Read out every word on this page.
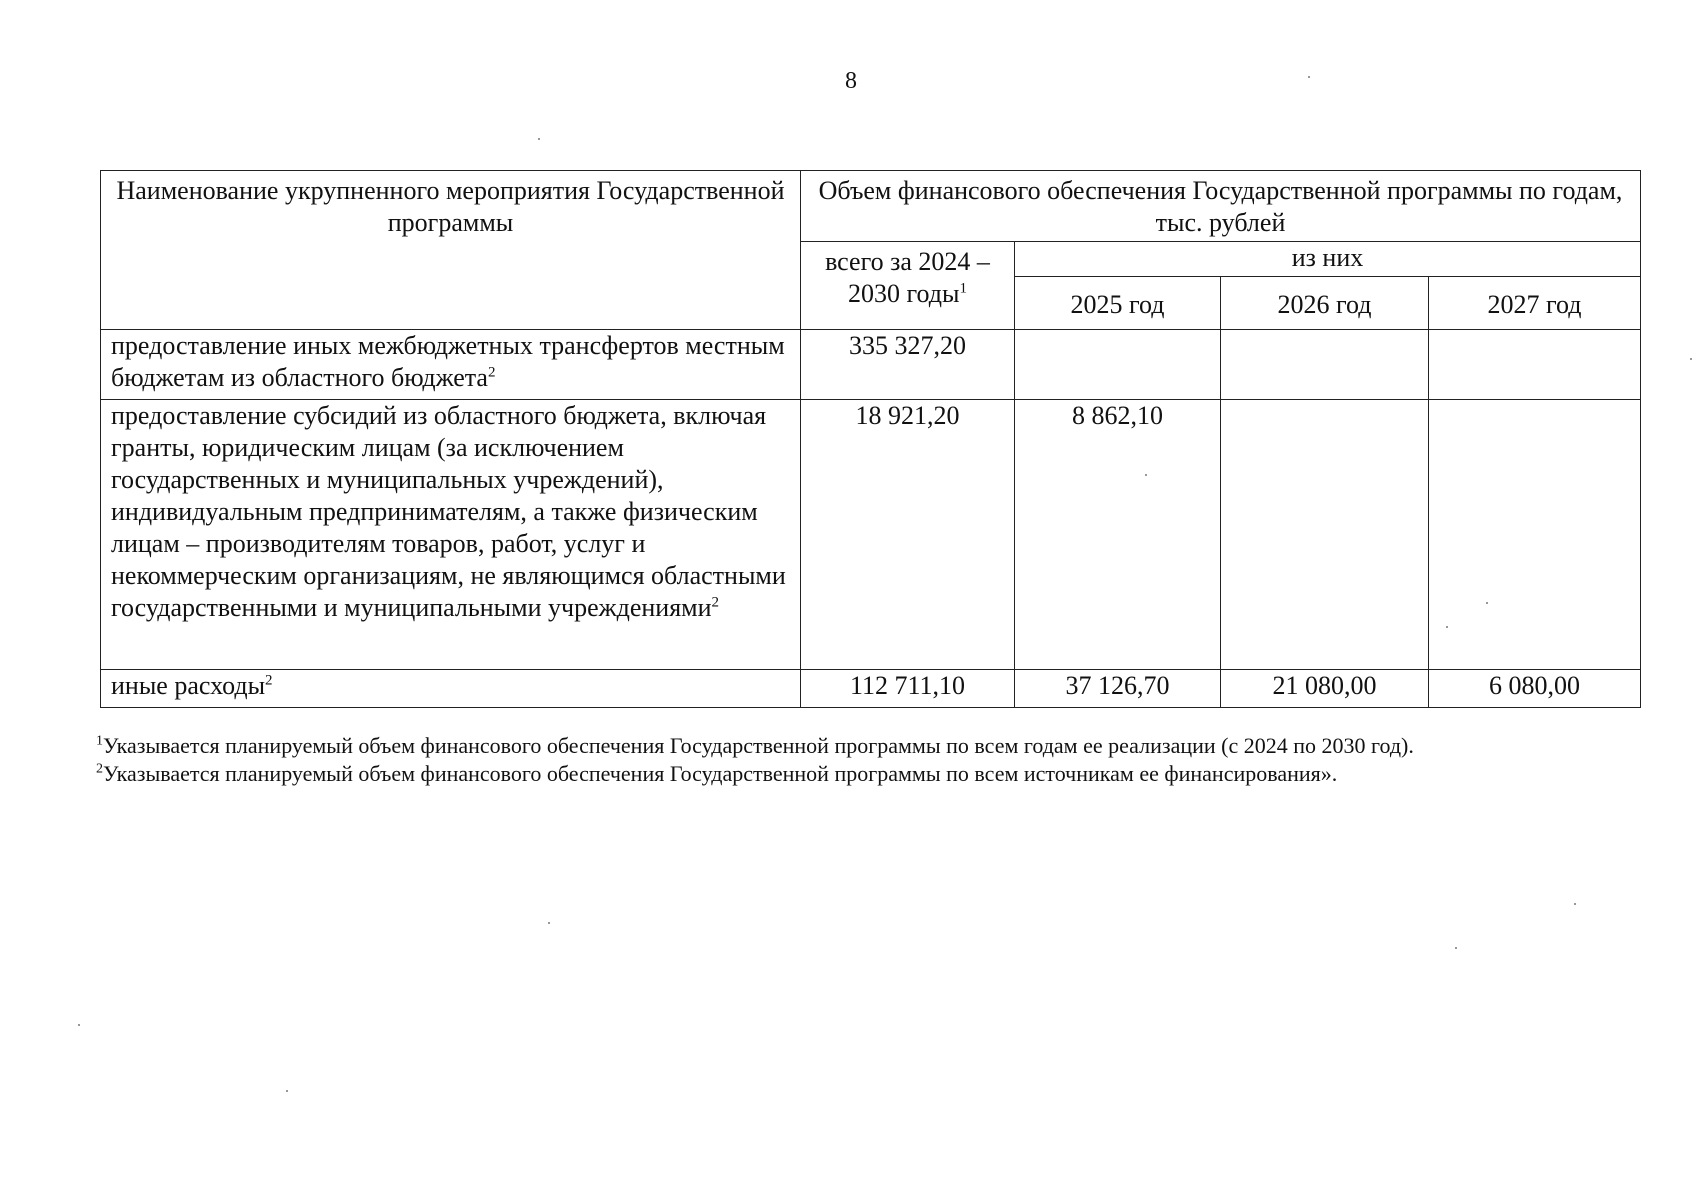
8
Наименование укрупненного мероприятия Государственной программы	Объем финансового обеспечения Государственной программы по годам, тыс. рублей			
	всего за 2024 – 2030 годы$^1$	из них		
		2025 год	2026 год	2027 год
предоставление иных межбюджетных трансфертов местным бюджетам из областного бюджета$^2$	335 327,20			
предоставление субсидий из областного бюджета, включая гранты, юридическим лицам (за исключением государственных и муниципальных учреждений), индивидуальным предпринимателям, а также физическим лицам – производителям товаров, работ, услуг и некоммерческим организациям, не являющимся областными государственными и муниципальными учреждениями$^2$	18 921,20	8 862,10		
иные расходы$^2$	112 711,10	37 126,70	21 080,00	6 080,00
$^1$Указывается планируемый объем финансового обеспечения Государственной программы по всем годам ее реализации (с 2024 по 2030 год).
$^2$Указывается планируемый объем финансового обеспечения Государственной программы по всем источникам ее финансирования».
